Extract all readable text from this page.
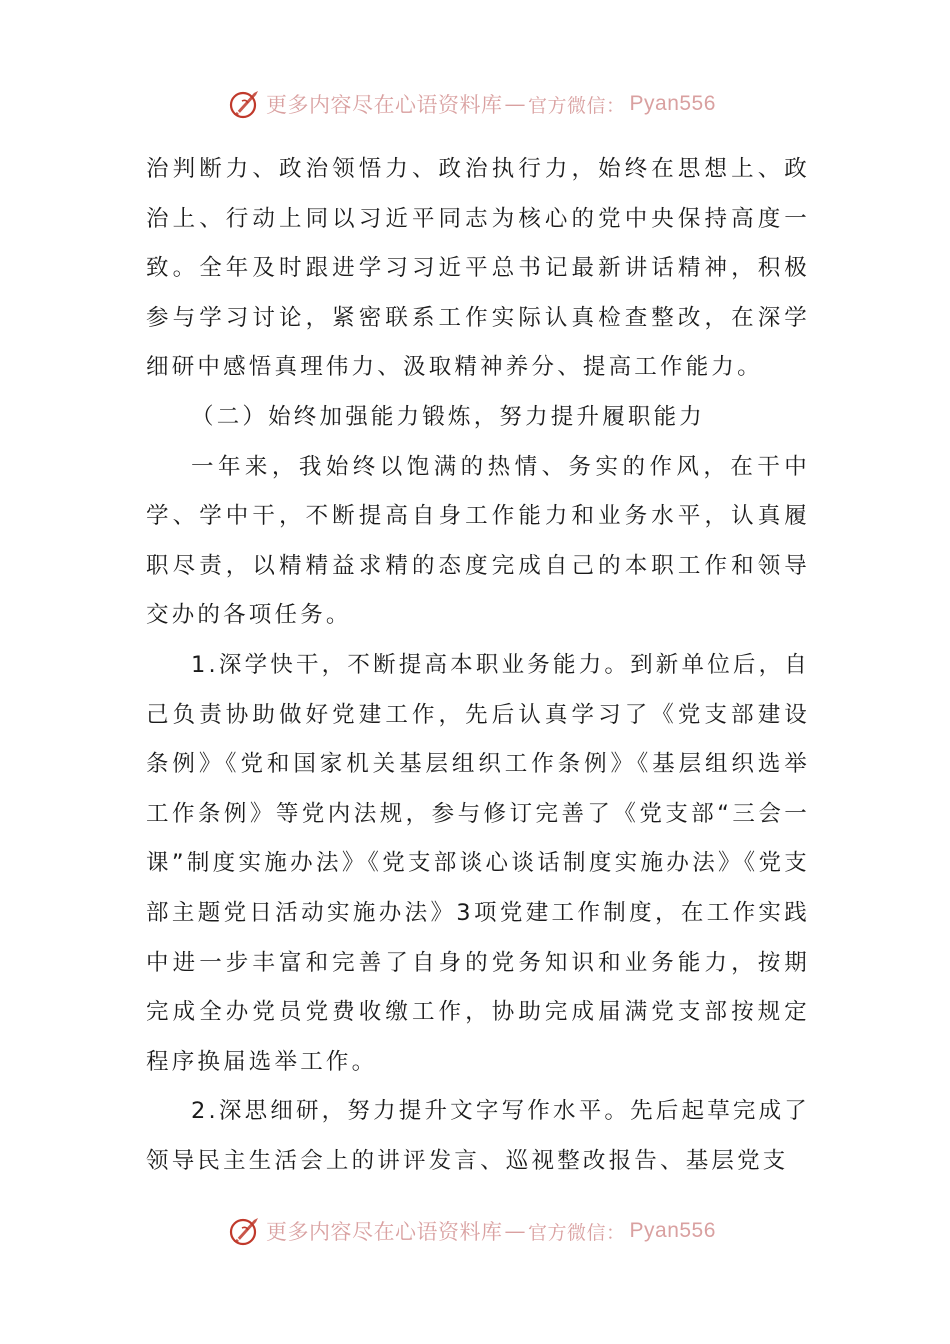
更多内容尽在心语资料库 — 官方微信： Pyan556

治判断力、政治领悟力、政治执行力，始终在思想上、政治上、行动上同以习近平同志为核心的党中央保持高度一致。全年及时跟进学习习近平总书记最新讲话精神，积极参与学习讨论，紧密联系工作实际认真检查整改，在深学细研中感悟真理伟力、汲取精神养分、提高工作能力。

（二）始终加强能力锻炼，努力提升履职能力

一年来，我始终以饱满的热情、务实的作风，在干中学、学中干，不断提高自身工作能力和业务水平，认真履职尽责，以精精益求精的态度完成自己的本职工作和领导交办的各项任务。

1.深学快干，不断提高本职业务能力。到新单位后，自己负责协助做好党建工作，先后认真学习了《党支部建设条例》《党和国家机关基层组织工作条例》《基层组织选举工作条例》等党内法规，参与修订完善了《党支部“三会一课”制度实施办法》《党支部谈心谈话制度实施办法》《党支部主题党日活动实施办法》3项党建工作制度，在工作实践中进一步丰富和完善了自身的党务知识和业务能力，按期完成全办党员党费收缴工作，协助完成届满党支部按规定程序换届选举工作。

2.深思细研，努力提升文字写作水平。先后起草完成了领导民主生活会上的讲评发言、巡视整改报告、基层党支

更多内容尽在心语资料库 — 官方微信： Pyan556
